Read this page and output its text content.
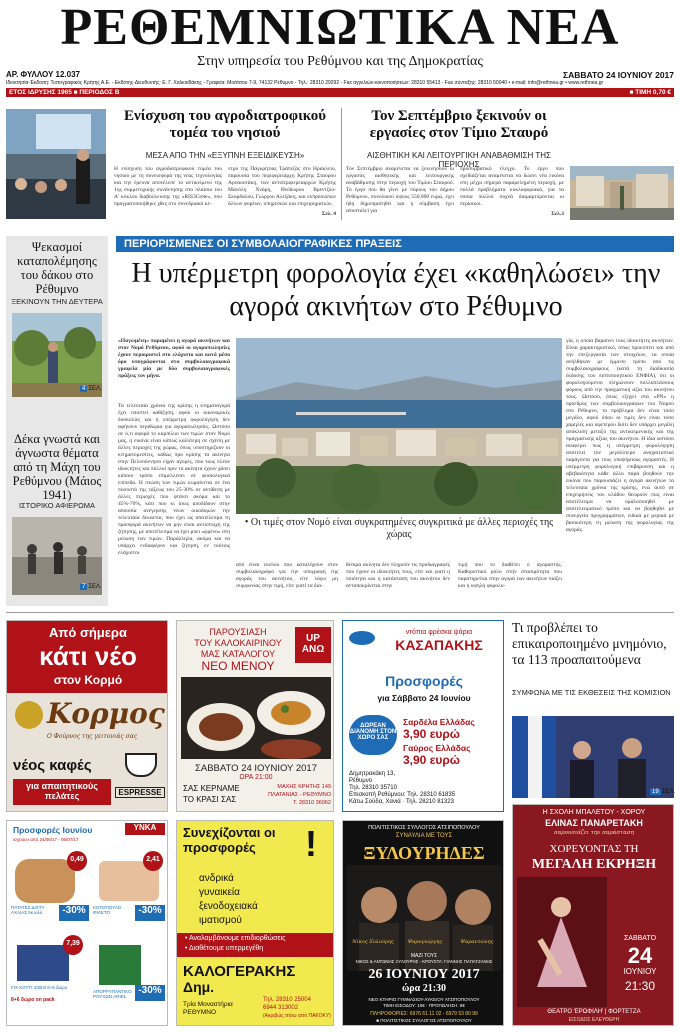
ΡΕΘΕΜΝΙΩΤΙΚΑ ΝΕΑ
Στην υπηρεσία του Ρεθύμνου και της Δημοκρατίας
ΑΡ. ΦΥΛΛΟΥ 12.037	ΣΑΒΒΑΤΟ 24 ΙΟΥΝΙΟΥ 2017
Ιδιοκτησία-Έκδοση: Τυπογραφικός Κρήτης Α.Ε. - Εκδότης-Διευθυντής: Ε. Γ. Χαλκιαδάκης - Γραφεία: Μοάτσου 7-9, 74132 Ρέθυμνο - Τηλ.: 28310 29292 - Fax αγγελιών-κοινοποιήσεων: 28310 55413 - Fax σύνταξης: 28310 50040 • e-mail: info@rethnea.gr • www.rethnea.gr
ΕΤΟΣ ΙΔΡΥΣΗΣ 1965 ■ ΠΕΡΙΟΔΟΣ Β	■ ΤΙΜΗ 0,70 €
Ενίσχυση του αγροδιατροφικού τομέα του νησιού
ΜΕΣΑ ΑΠΟ ΤΗΝ «ΕΞΥΠΝΗ ΕΞΕΙΔΙΚΕΥΣΗ»
Η ενίσχυση του αγροδιατροφικού τομέα του νησιού με τη συνεισφορά της νέας τεχνολογίας και την έρευνα αποτέλεσε το αντικείμενο της 1ης συμμετοχικής συνάντησης στο πλαίσιο του Α' κύκλου διαβούλευσης της «RIS3Crete», που πραγματοποιήθηκε χθες στο συνεδριακό κέ-
ντρο της Παγκρήτιας Τράπεζας στο Ηράκλειο, παρουσία του περιφερειάρχη Κρήτης Σταύρου Αρναουτάκη, των αντιπεριφερειαρχών Κρήτης Μανόλη Χνάρη, Θεόδωρου Βρεντζού-Σκορδαλού, Γιώργου Αλεξάκη, και εκπροσώπων άλλων φορέων, υπηρεσιών και επιχειρηματιών.
Σελ. 4
Τον Σεπτέμβριο ξεκινούν οι εργασίες στον Τίμιο Σταυρό
ΑΙΣΘΗΤΙΚΗ ΚΑΙ ΛΕΙΤΟΥΡΓΙΚΗ ΑΝΑΒΑΘΜΙΣΗ ΤΗΣ ΠΕΡΙΟΧΗΣ
Τον Σεπτέμβριο αναμένεται να ξεκινήσουν οι εργασίες αισθητικής και λειτουργικής αναβάθμισης στην περιοχή του Τιμίου Σταυρού. Το έργο που θα γίνει με πόρους του δήμου Ρεθύμνου, συνολικού ύψους 550.000 ευρώ, έχει ήδη δημοπρατηθεί και η σύμβαση έχει αποσταλεί για
προσυμβατικό έλεγχο. Το έργο που σχεδιάζεται αναμένεται να δώσει νέα εικόνα στη μέχρι σήμερα παραμελημένη περιοχή, με πολλά προβλήματα κυκλοφοριακά, για τα οποία πολλοί συχνά διαμαρτύρονται οι περίοικοι.
Σελ.3
Ψεκασμοί καταπολέμησης του δάκου στο Ρέθυμνο
ΞΕΚΙΝΟΥΝ ΤΗΝ ΔΕΥΤΕΡΑ
4 ΣΕΛ.
Δέκα γνωστά και άγνωστα θέματα από τη Μάχη του Ρεθύμνου (Μάιος 1941)
ΙΣΤΟΡΙΚΟ ΑΦΙΕΡΩΜΑ
7 ΣΕΛ.
ΠΕΡΙΟΡΙΣΜΕΝΕΣ ΟΙ ΣΥΜΒΟΛΑΙΟΓΡΑΦΙΚΕΣ ΠΡΑΞΕΙΣ
Η υπέρμετρη φορολογία έχει «καθηλώσει» την αγορά ακινήτων στο Ρέθυμνο
«Παγωμένη» παραμένει η αγορά ακινήτων και στον Νομό Ρεθύμνου, αφού οι αγοραπωλησίες έχουν περιοριστεί στο ελάχιστο και κατά μέσο όρο υπογράφονται στα συμβολαιογραφικά γραφεία μία με δύο συμβολαιογραφικές πράξεις τον μήνα.
Τα τελευταία χρόνια της κρίσης η κτηματαγορά έχει υποστεί καθίζηση, αφού οι οικονομικές δυσκολίες και η υπέρμετρη φορολόγηση δεν αφήνουν περιθώρια για αγοραπωλησίες. Ωστόσο σε ό,τι αφορά το καμπύλιο των τιμών στον Νομό μας, η εικόνα είναι κάπως καλύτερη σε σχέση με άλλες περιοχές της χώρας, όπως υποστηρίζουν οι κτηματομεσίτες, καθώς προ κρίσης τα ακίνητα στην Πελοπόννησο είχαν αγορές, που τους πλέον ιδιοκτήτες και πολλοί πριν τα ακίνητα έχουν χάσει κάποιο τρόπο επιμελλέσει σε φυσιολογικά επίπεδα. Η πτώση των τιμών κυμαίνεται σε ένα ποσοστό της τάξεως του 25-30% σε αντίθεση με άλλες περιοχές που φτάνει ακόμα και το 45%-70%, κάτι που κι ίσως αποδίδουν στην απουσία ανέγερσης νέων οικοδομών την τελευταία δεκαετία, που έχει ως αποτέλεσμα τη προσφορά ακινήτων να μην είναι αντίστοιχη της ζήτησης, με αποτέλεσμα να έχει μπει «φρένο» στη μείωση των τιμών. Παράλληλα, ακόμα και να υπάρχει ενδιαφέρον και ζήτηση, εν τούτοις ελάχιστοι
γία, η οποία βαραίνει τους ιδιοκτήτες ακινήτων. Είναι χαρακτηριστικό, όπως προκύπτει και από την επεξεργασία των στοιχείων, τα οποία ανήλθηκαν με έμμεσο τρόπο από τις συμβολαιογράφους (κατά τη διαδικασία έκδοσης του πιστοποιητικού ΕΝΦΙΑ), ότι οι φορολογούμενοι πληρώνουν πολλαπλάσιους φόρους από την πραγματική αξία του ακινήτου τους. Ωστόσο, όπως εξηγεί στα «ΡΝ» η πρόεδρος των συμβολαιογράφων του Νομού στο Ρέθυμνο, το πρόβλημα δεν είναι τόσο μεγάλο, αφού όπου οι τιμές δεν είναι τόσο χαμηλές και αφετέρου διότι δεν υπάρχει μεγάλη απόκλιση μεταξύ της αντικειμενικής και της πραγματικής αξίας του ακινήτου. Η ίδια ωστόσο αναφέρει πως η υπέρμετρη φορολόγηση αποτελεί τον μεγαλύτερο αναχαιτιστικό παράγοντα για τους υποψήφιους αγοραστές. Η υπέρμετρη φορολογική επιβάρυνση και η αβεβαιότητα κάθε άλλο παρά βοηθούν την εικόνα που παρουσιάζει η αγορά ακινήτων τα τελευταία χρόνια της κρίσης, ενώ αυτό σε επιχειρήσεις του κλάδου θεωρούν πως είναι αποτέλεσμα να ομαλοποιηθεί με αποτελεσματικό τρόπο και να βοηθηθεί με συνεργεία προγραμμάτων, ειδικά με μερικά με βασικότερη τη μείωση της φορολογίας της αγοράς.
• Οι τιμές στον Νομό είναι συγκρατημένες συγκριτικά με άλλες περιοχές της χώρας
από είναι εκείνοι που καταλήγουν στον συμβολαιογράφο για την υπογραφή της αγοράς του ακινήτου, είτε λόγω μη συμφωνίας στην τιμή, είτε γιατί τα δια-
θέσιμα ακίνητα δεν πληρούν τις προδιαγραφές που έχουν οι ιδιοκτήτες τους, είτε και γιατί η ποιότητα και η κατάσταση του ακινήτου δεν ανταποκρίνεται στην
τιμή που το διαθέτει ο αγοραστής. Καθοριστικό ρόλο στην στασιμότητα που παρατηρείται στην αγορά των ακινήτων παίζει και η υψηλή φορολο-
Από σήμερα
κάτι νέο
στον Κορμό
Κορμος
Ο Φούρνος της γειτονιάς σας
νέος καφές
για απαιτητικούς πελάτες	ESPRESSE
ΠΑΡΟΥΣΙΑΣΗ
ΤΟΥ ΚΑΛΟΚΑΙΡΙΝΟΥ
ΜΑΣ ΚΑΤΑΛΟΓΟΥ
ΝΕΟ ΜΕΝΟΥ
UP ΑΝΩ
ΣΑΒΒΑΤΟ 24 ΙΟΥΝΙΟΥ 2017
ΩΡΑ 21:00
ΣΑΣ ΚΕΡΝΑΜΕ
ΤΟ ΚΡΑΣΙ ΣΑΣ
ΜΑΧΗΣ ΚΡΗΤΗΣ 149
ΠΛΑΤΑΝΙΑΣ - ΡΕΘΥΜΝΟ
Τ. 28310 36062
ντόπια φρέσκα ψάρια
ΚΑΣΑΠΑΚΗΣ
Προσφορές
για Σάββατο 24 Ιουνίου
ΔΩΡΕΑΝ ΔΙΑΝΟΜΗ ΣΤΟΝ ΧΩΡΟ ΣΑΣ
Σαρδέλα Ελλάδας
3,90 ευρώ
Γαύρος Ελλάδας
3,90 ευρώ
Δημητρακάκη 13,
Ρέθυμνο
Τηλ. 28310 35710
Επισκοπή Ρεθύμνου: Τηλ. 28310 61835
Κάτω Σούδα, Χανιά · Τηλ. 28210 81323
Τι προβλέπει το επικαιροποιημένο μνημόνιο, τα 113 προαπαιτούμενα
ΣΥΜΦΩΝΑ ΜΕ ΤΙΣ ΕΚΘΕΣΕΙΣ ΤΗΣ ΚΟΜΙΣΙΟΝ
19 ΣΕΛ.
Προσφορές Ιουνίου	ΥΝΚΑ
ισχύουν από 24/06/17 - 06/07/17
0,49
ΠΑΤΑΤΕΣ ΔΙΧΤΥ ΑΧΑΙΑΣ 5κ κιλό	-30%
2,41
ΚΟΤΟΠΟΥΛΟ ΦΙΛΕΤΟ	-30%
7,39
FIX ΚΟΥΤΙ 330ml 6+6 δώρο
8+6 δώρο on pack
ΑΠΟΡΡΥΠΑΝΤΙΚΟ ΡΟΥΧΩΝ ARIEL
-30%
Συνεχίζονται οι προσφορές	!
ανδρικά
γυναικεία
ξενοδοχειακά
ιματισμού
• Αναλαμβάνουμε επιδιορθώσεις
• Διαθέτουμε υπερμεγέθη
ΚΑΛΟΓΕΡΑΚΗΣ
Δημ.
Τρία Μοναστήρια ΡΕΘΥΜΝΟ
Τηλ. 28310 25004
6944 313002
(Ακριβώς πίσω από ΠΑΚΟΚΥ)
ΠΟΛΙΤΙΣΤΙΚΟΣ ΣΥΛΛΟΓΟΣ ΑΤΣΙΠΟΠΟΥΛΟΥ
ΣΥΝΑΥΛΙΑ ΜΕ ΤΟΥΣ
ΞΥΛΟΥΡΗΔΕΣ
Νίκος Ξυλούρης	Ψαρογιώργης	Ψαραντώνης
ΜΑΖΙ ΤΟΥΣ
ΝΙΚΟΣ & ΑΝΤΩΝΗΣ ΞΥΛΟΥΡΗΣ - ΚΡΟΥΣΤΑ: ΓΙΑΝΝΗΣ ΠΑΠΑΤΖΑΝΗΣ
26 ΙΟΥΝΙΟΥ 2017
ώρα 21:30
ΝΕΟ ΚΤΗΡΙΟ ΓΥΜΝΑΣΙΟΥ-ΛΥΚΕΙΟΥ ΑΤΣΙΠΟΠΟΥΛΟΥ
ΤΙΜΗ ΕΙΣΟΔΟΥ: 10€ · ΠΡΟΠΩΛΗΣΗ: 8€
ΠΛΗΡΟΦΟΡΙΕΣ: 6976 61 11 02 - 6979 53 80 99
■ ΠΟΛΙΤΙΣΤΙΚΟΣ ΣΥΛΛΟΓΟΣ ΑΤΣΙΠΟΠΟΥΛΟΥ
Η ΣΧΟΛΗ ΜΠΑΛΕΤΟΥ - ΧΟΡΟΥ
ΕΛΙΝΑΣ ΠΑΝΑΡΕΤΑΚΗ
παρουσιάζει την παράσταση
ΧΟΡΕΥΟΝΤΑΣ ΤΗ
ΜΕΓΑΛΗ ΕΚΡΗΞΗ
ΣΑΒΒΑΤΟ
24
ΙΟΥΝΙΟΥ
21:30
ΘΕΑΤΡΟ 'ΕΡΩΦΙΛΗ' | ΦΟΡΤΕΤΖΑ
ΕΙΣΟΔΟΣ ΕΛΕΥΘΕΡΗ
